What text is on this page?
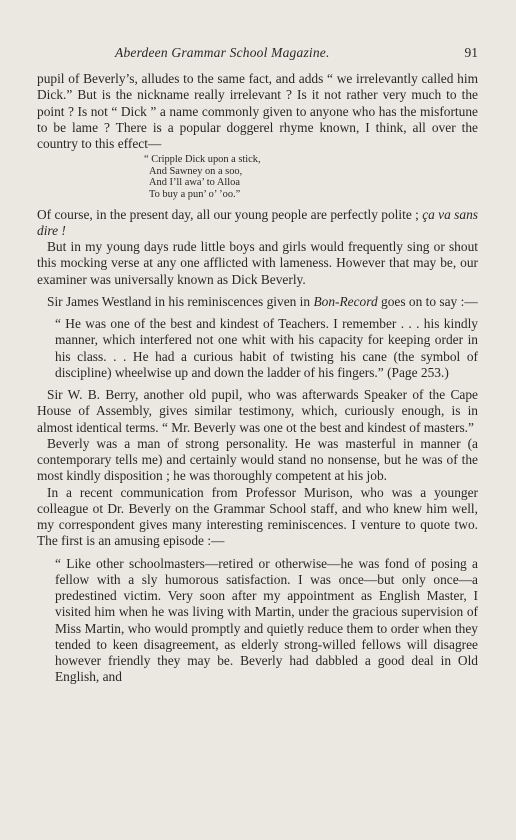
Aberdeen Grammar School Magazine.	91

pupil of Beverly’s, alludes to the same fact, and adds “ we irrelevantly called him Dick.” But is the nickname really irrelevant ? Is it not rather very much to the point ? Is not “ Dick ” a name commonly given to anyone who has the misfortune to be lame ? There is a popular doggerel rhyme known, I think, all over the country to this effect—

“ Cripple Dick upon a stick,
And Sawney on a soo,
And I’ll awa’ to Alloa
To buy a pun’ o’ ’oo.”

Of course, in the present day, all our young people are perfectly polite ; ça va sans dire !

But in my young days rude little boys and girls would frequently sing or shout this mocking verse at any one afflicted with lameness. However that may be, our examiner was universally known as Dick Beverly.

Sir James Westland in his reminiscences given in Bon-Record goes on to say :—

“ He was one of the best and kindest of Teachers. I remember . . . his kindly manner, which interfered not one whit with his capacity for keeping order in his class. . . He had a curious habit of twisting his cane (the symbol of discipline) wheelwise up and down the ladder of his fingers.” (Page 253.)

Sir W. B. Berry, another old pupil, who was afterwards Speaker of the Cape House of Assembly, gives similar testimony, which, curiously enough, is in almost identical terms. “ Mr. Beverly was one ot the best and kindest of masters.”

Beverly was a man of strong personality. He was masterful in manner (a contemporary tells me) and certainly would stand no nonsense, but he was of the most kindly disposition ; he was thoroughly competent at his job.

In a recent communication from Professor Murison, who was a younger colleague ot Dr. Beverly on the Grammar School staff, and who knew him well, my correspondent gives many interesting reminiscences. I venture to quote two. The first is an amusing episode :—

“ Like other schoolmasters—retired or otherwise—he was fond of posing a fellow with a sly humorous satisfaction. I was once—but only once—a predestined victim. Very soon after my appointment as English Master, I visited him when he was living with Martin, under the gracious supervision of Miss Martin, who would promptly and quietly reduce them to order when they tended to keen disagreement, as elderly strong-willed fellows will disagree however friendly they may be. Beverly had dabbled a good deal in Old English, and
